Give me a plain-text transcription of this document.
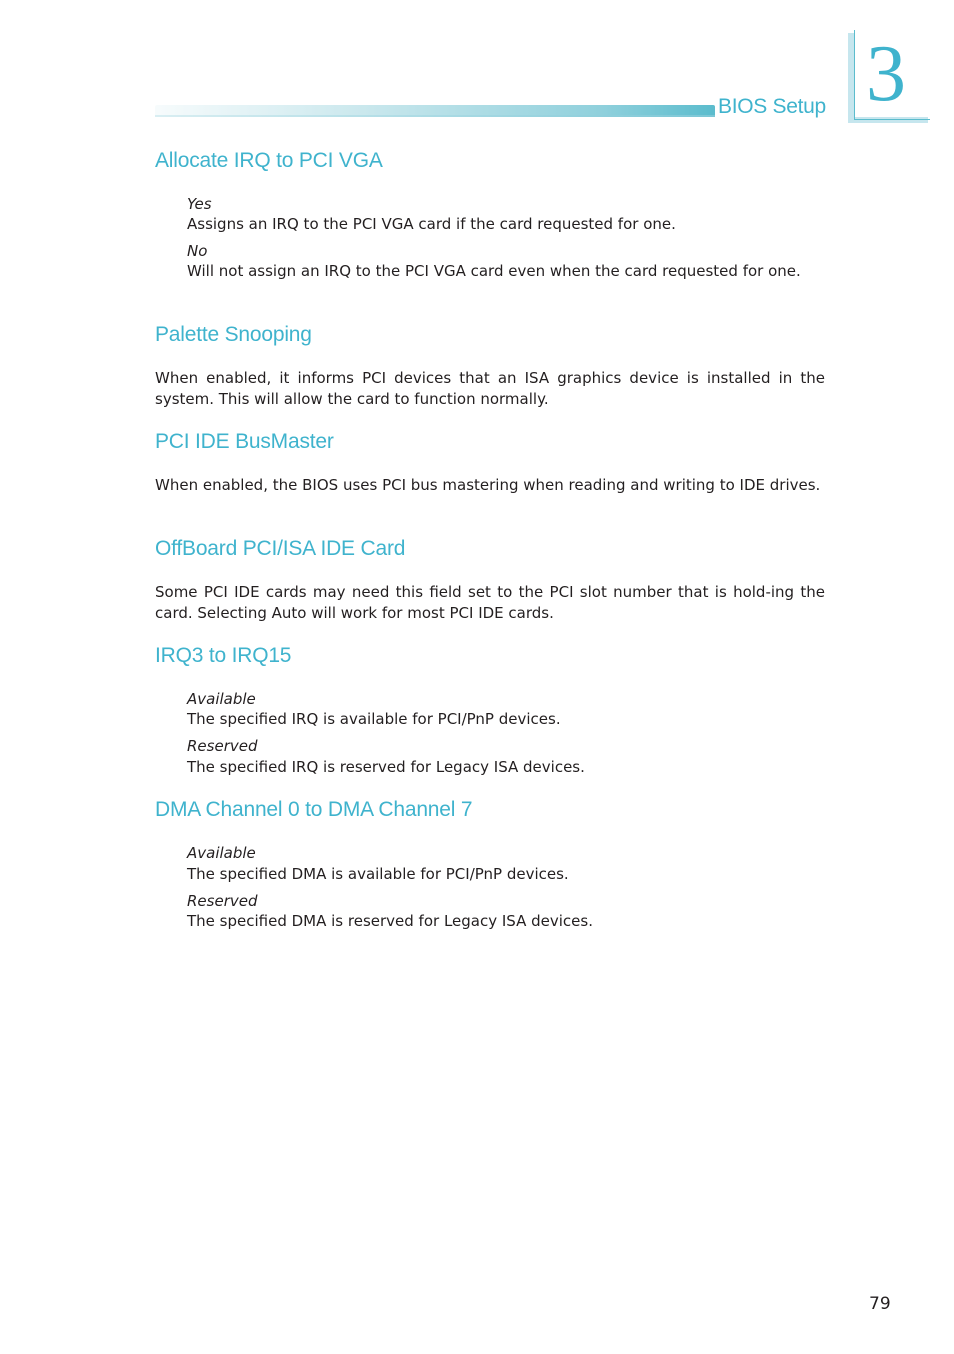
BIOS Setup 3
Allocate IRQ to PCI VGA
Yes

Assigns an IRQ to the PCI VGA card if the card requested for one.

No

Will not assign an IRQ to the PCI VGA card even when the card requested for one.

Palette Snooping

When enabled, it informs PCI devices that an ISA graphics device is installed in the system. This will allow the card to function normally.

PCI IDE BusMaster

When enabled, the BIOS uses PCI bus mastering when reading and writing to IDE drives.

OffBoard PCI/ISA IDE Card

Some PCI IDE cards may need this field set to the PCI slot number that is hold-ing the card. Selecting Auto will work for most PCI IDE cards.

IRQ3 to IRQ15
Available

The specified IRQ is available for PCI/PnP devices.

Reserved

The specified IRQ is reserved for Legacy ISA devices.

DMA Channel 0 to DMA Channel 7
Available

The specified DMA is available for PCI/PnP devices.

Reserved

The specified DMA is reserved for Legacy ISA devices.

79
